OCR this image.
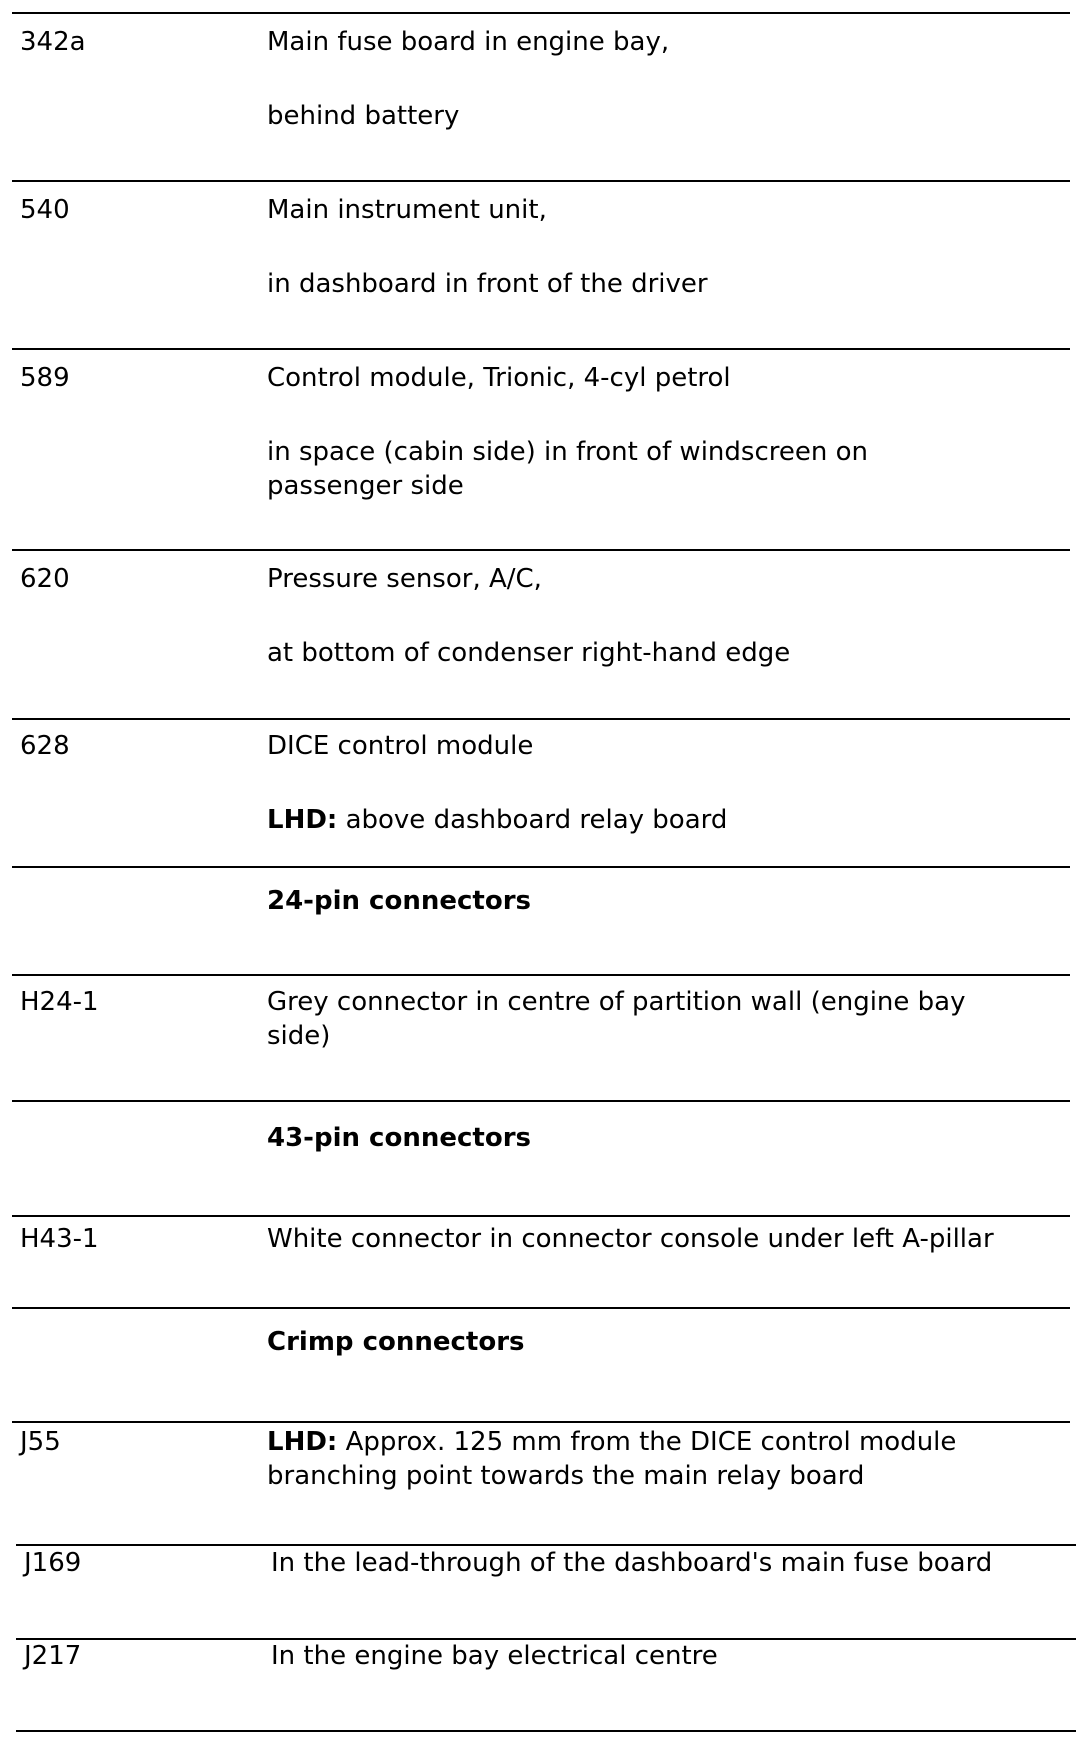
342a	Main fuse board in engine bay,
behind battery
540	Main instrument unit,
in dashboard in front of the driver
589	Control module, Trionic, 4-cyl petrol
in space (cabin side) in front of windscreen on
passenger side
620	Pressure sensor, A/C,
at bottom of condenser right-hand edge
628	DICE control module
LHD: above dashboard relay board
24-pin connectors
H24-1	Grey connector in centre of partition wall (engine bay
side)
43-pin connectors
H43-1	White connector in connector console under left A-pillar
Crimp connectors
J55	LHD: Approx. 125 mm from the DICE control module
branching point towards the main relay board
J169	In the lead-through of the dashboard's main fuse board
J217	In the engine bay electrical centre
